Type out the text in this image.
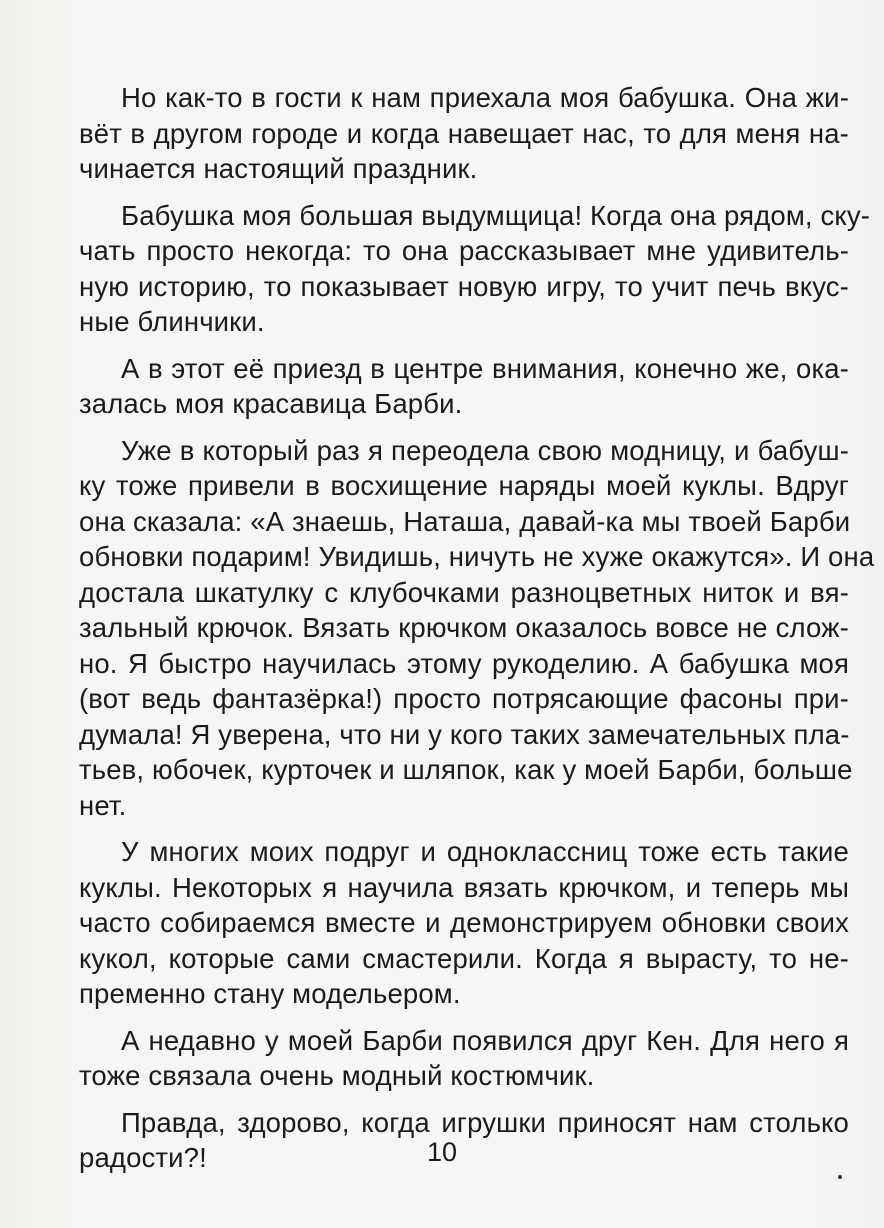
Но как-то в гости к нам приехала моя бабушка. Она жи-
вёт в другом городе и когда навещает нас, то для меня на-
чинается настоящий праздник.

Бабушка моя большая выдумщица! Когда она рядом, ску-
чать просто некогда: то она рассказывает мне удивитель-
ную историю, то показывает новую игру, то учит печь вкус-
ные блинчики.

А в этот её приезд в центре внимания, конечно же, ока-
залась моя красавица Барби.

Уже в который раз я переодела свою модницу, и бабуш-
ку тоже привели в восхищение наряды моей куклы. Вдруг
она сказала: «А знаешь, Наташа, давай-ка мы твоей Барби
обновки подарим! Увидишь, ничуть не хуже окажутся». И она
достала шкатулку с клубочками разноцветных ниток и вя-
зальный крючок. Вязать крючком оказалось вовсе не слож-
но. Я быстро научилась этому рукоделию. А бабушка моя
(вот ведь фантазёрка!) просто потрясающие фасоны при-
думала! Я уверена, что ни у кого таких замечательных пла-
тьев, юбочек, курточек и шляпок, как у моей Барби, больше
нет.

У многих моих подруг и одноклассниц тоже есть такие
куклы. Некоторых я научила вязать крючком, и теперь мы
часто собираемся вместе и демонстрируем обновки своих
кукол, которые сами смастерили. Когда я вырасту, то не-
пременно стану модельером.

А недавно у моей Барби появился друг Кен. Для него я
тоже связала очень модный костюмчик.

Правда, здорово, когда игрушки приносят нам столько
радости?!	10
